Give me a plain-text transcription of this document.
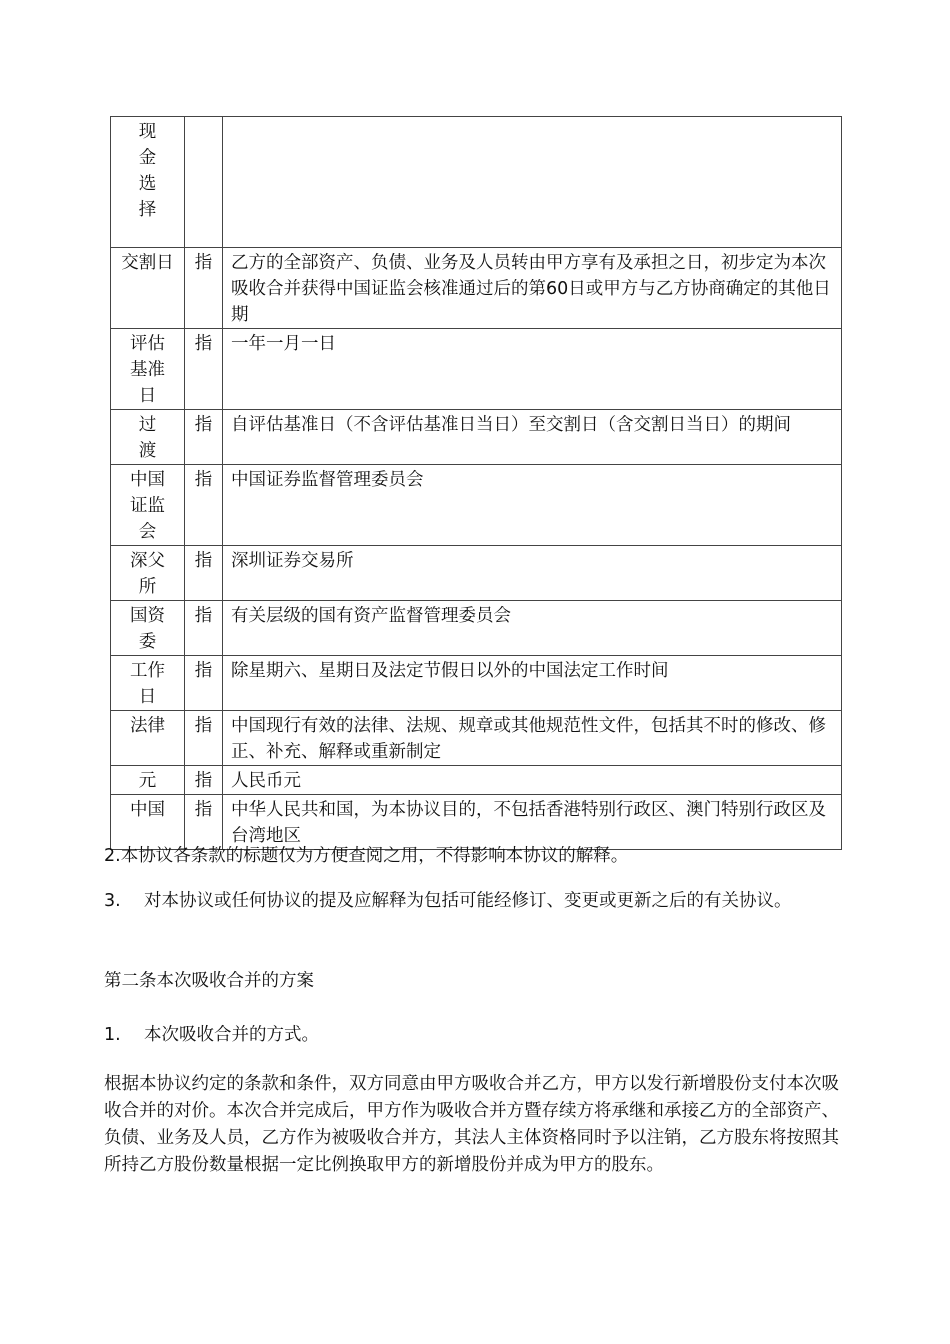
现金选择		

交割日	指	乙方的全部资产、负债、业务及人员转由甲方享有及承担之日，初步定为本次吸收合并获得中国证监会核准通过后的第60日或甲方与乙方协商确定的其他日期

评估基准日	指	一年一月一日

过渡	指	自评估基准日（不含评估基准日当日）至交割日（含交割日当日）的期间

中国证监会	指	中国证券监督管理委员会

深父所	指	深圳证券交易所

国资委	指	有关层级的国有资产监督管理委员会

工作日	指	除星期六、星期日及法定节假日以外的中国法定工作时间

法律	指	中国现行有效的法律、法规、规章或其他规范性文件，包括其不时的修改、修正、补充、解释或重新制定

元	指	人民币元

中国	指	中华人民共和国，为本协议目的，不包括香港特别行政区、澳门特别行政区及台湾地区

2.本协议各条款的标题仅为方便查阅之用，不得影响本协议的解释。

3. 对本协议或任何协议的提及应解释为包括可能经修订、变更或更新之后的有关协议。

第二条本次吸收合并的方案

1. 本次吸收合并的方式。

根据本协议约定的条款和条件，双方同意由甲方吸收合并乙方，甲方以发行新增股份支付本次吸收合并的对价。本次合并完成后，甲方作为吸收合并方暨存续方将承继和承接乙方的全部资产、负债、业务及人员，乙方作为被吸收合并方，其法人主体资格同时予以注销，乙方股东将按照其所持乙方股份数量根据一定比例换取甲方的新增股份并成为甲方的股东。
